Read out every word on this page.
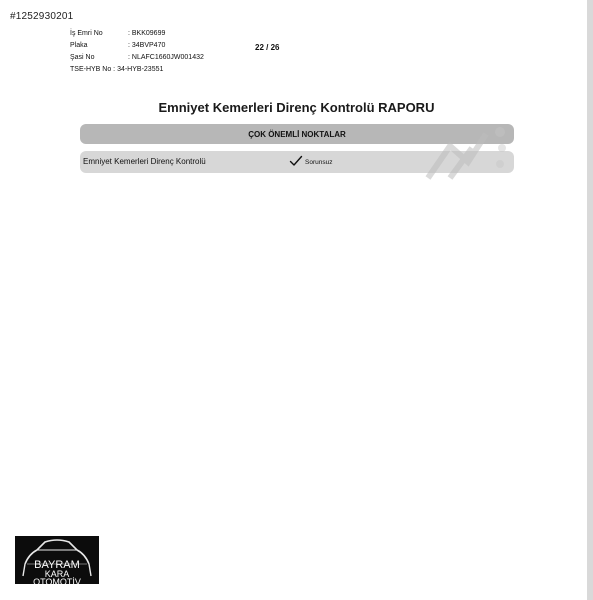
#1252930201
İş Emri No	: BKK09699
Plaka	: 34BVP470
Şasi No	: NLAFC1660JW001432
TSE-HYB No : 34-HYB-23551
22 / 26
Emniyet Kemerleri Direnç Kontrolü RAPORU
ÇOK ÖNEMLİ NOKTALAR
Emniyet Kemerleri Direnç Kontrolü	Sorunsuz
BAYRAM
KARA
OTOMOTİV
